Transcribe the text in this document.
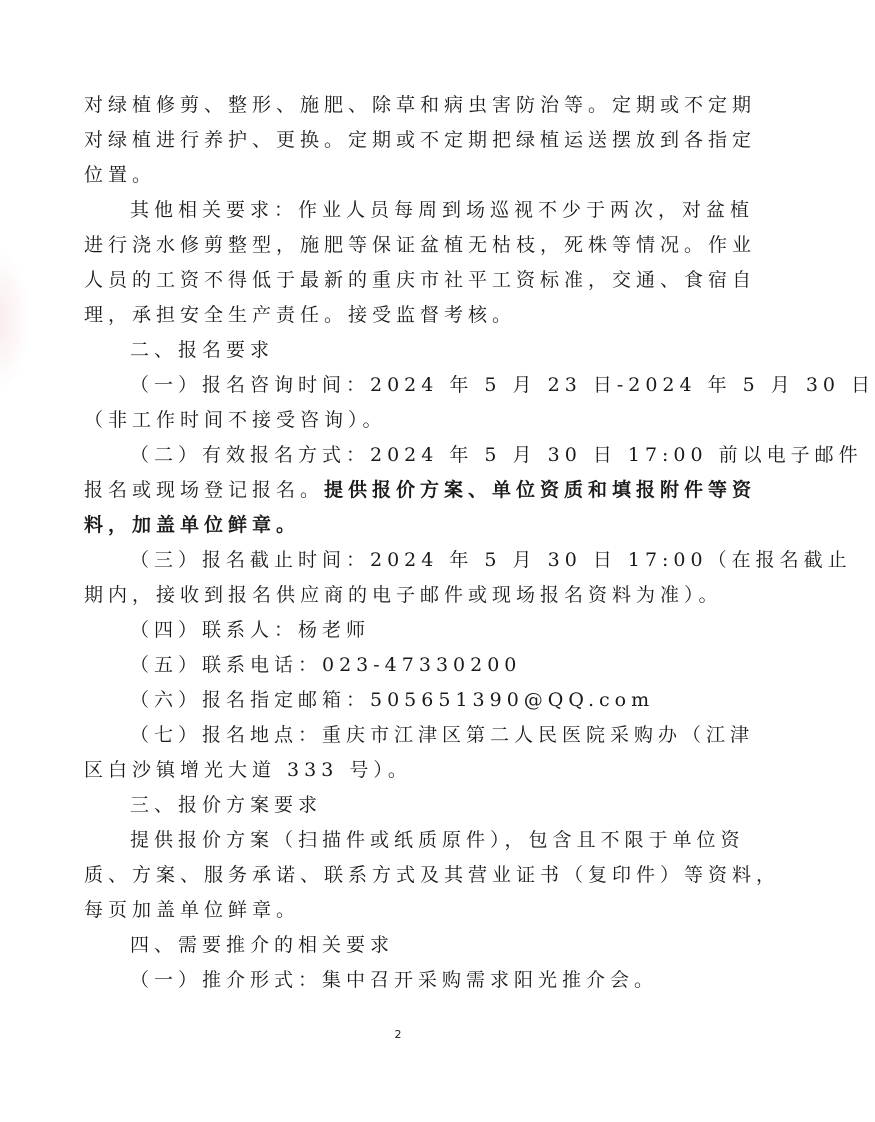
对绿植修剪、整形、施肥、除草和病虫害防治等。定期或不定期
对绿植进行养护、更换。定期或不定期把绿植运送摆放到各指定
位置。
其他相关要求：作业人员每周到场巡视不少于两次，对盆植
进行浇水修剪整型，施肥等保证盆植无枯枝，死株等情况。作业
人员的工资不得低于最新的重庆市社平工资标准，交通、食宿自
理，承担安全生产责任。接受监督考核。
二、报名要求
（一）报名咨询时间：2024 年 5 月 23 日-2024 年 5 月 30 日
（非工作时间不接受咨询）。
（二）有效报名方式：2024 年 5 月 30 日 17:00 前以电子邮件
报名或现场登记报名。提供报价方案、单位资质和填报附件等资
料，加盖单位鲜章。
（三）报名截止时间：2024 年 5 月 30 日 17:00（在报名截止
期内，接收到报名供应商的电子邮件或现场报名资料为准）。
（四）联系人：杨老师
（五）联系电话：023-47330200
（六）报名指定邮箱：505651390@QQ.com
（七）报名地点：重庆市江津区第二人民医院采购办（江津
区白沙镇增光大道 333 号）。
三、报价方案要求
提供报价方案（扫描件或纸质原件），包含且不限于单位资
质、方案、服务承诺、联系方式及其营业证书（复印件）等资料，
每页加盖单位鲜章。
四、需要推介的相关要求
（一）推介形式：集中召开采购需求阳光推介会。
2
